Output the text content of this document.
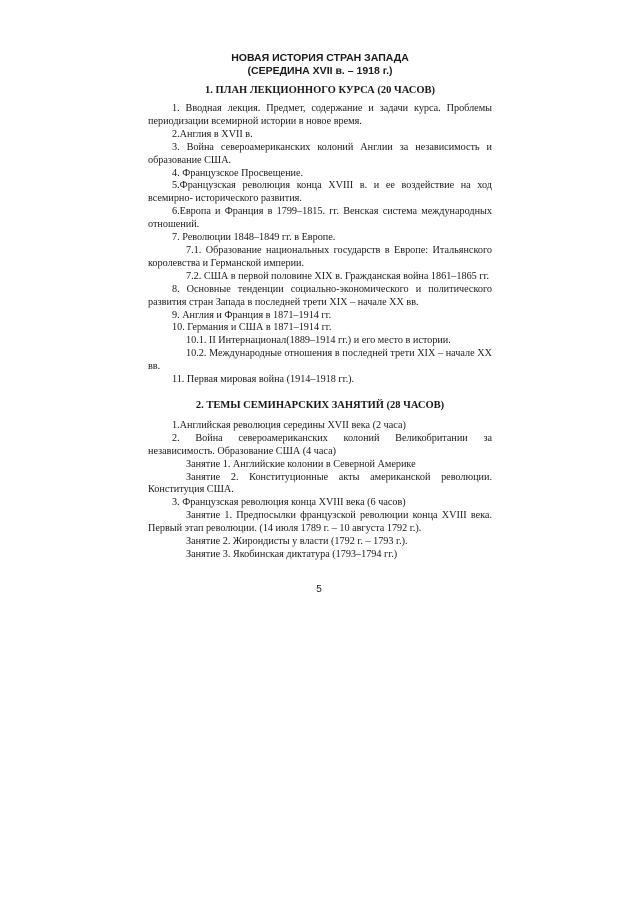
НОВАЯ ИСТОРИЯ СТРАН ЗАПАДА
(СЕРЕДИНА XVII в. – 1918 г.)
1. ПЛАН ЛЕКЦИОННОГО КУРСА (20 ЧАСОВ)

1. Вводная лекция. Предмет, содержание и задачи курса. Проблемы периодизации всемирной истории в новое время.

2.Англия в XVII в.

3. Война североамериканских колоний Англии за независимость и образование США.

4. Французское Просвещение.

5.Французская революция конца XVIII в. и ее воздействие на ход всемирно- исторического развития.

6.Европа и Франция в 1799–1815. гг. Венская система международных отношений.

7. Революции 1848–1849 гг. в Европе.

7.1. Образование национальных государств в Европе: Итальянского королевства и Германской империи.

7.2. США в первой половине XIX в. Гражданская война 1861–1865 гг.

8. Основные тенденции социально-экономического и политического развития стран Запада в последней трети XIX – начале XX вв.

9. Англия и Франция в 1871–1914 гг.

10. Германия и США в 1871–1914 гг.

10.1. II Интернационал(1889–1914 гг.) и его место в истории.

10.2. Международные отношения в последней трети XIX – начале XX вв.

11. Первая мировая война (1914–1918 гг.).

2. ТЕМЫ СЕМИНАРСКИХ ЗАНЯТИЙ (28 ЧАСОВ)

1.Английская революция середины XVII века (2 часа)

2. Война североамериканских колоний Великобритании за независимость. Образование США (4 часа)

Занятие 1. Английские колонии в Северной Америке

Занятие 2. Конституционные акты американской революции. Конституция США.

3. Французская революция конца XVIII века (6 часов)

Занятие 1. Предпосылки французской революции конца XVIII века. Первый этап революции. (14 июля 1789 г. – 10 августа 1792 г.).

Занятие 2. Жирондисты у власти (1792 г. – 1793 г.).

Занятие 3. Якобинская диктатура (1793–1794 гг.)

5
